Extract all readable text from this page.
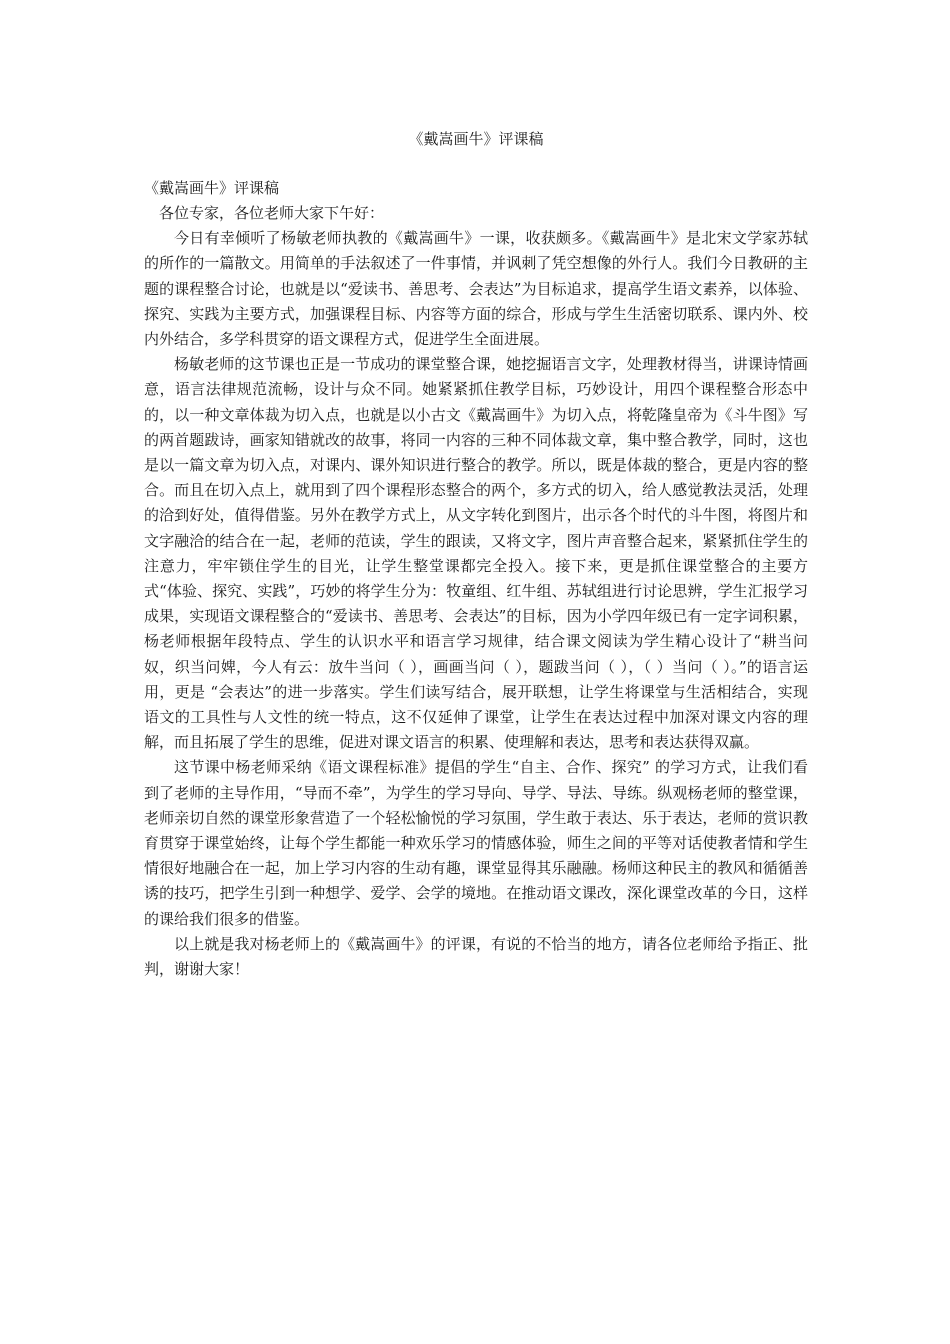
《戴嵩画牛》评课稿

《戴嵩画牛》评课稿

各位专家，各位老师大家下午好：

今日有幸倾听了杨敏老师执教的《戴嵩画牛》一课，收获颇多。《戴嵩画牛》是北宋文学家苏轼的所作的一篇散文。用简单的手法叙述了一件事情，并讽刺了凭空想像的外行人。我们今日教研的主题的课程整合讨论，也就是以“爱读书、善思考、会表达”为目标追求，提高学生语文素养，以体验、探究、实践为主要方式，加强课程目标、内容等方面的综合，形成与学生生活密切联系、课内外、校内外结合，多学科贯穿的语文课程方式，促进学生全面进展。

杨敏老师的这节课也正是一节成功的课堂整合课，她挖掘语言文字，处理教材得当，讲课诗情画意，语言法律规范流畅，设计与众不同。她紧紧抓住教学目标，巧妙设计，用四个课程整合形态中的，以一种文章体裁为切入点，也就是以小古文《戴嵩画牛》为切入点，将乾隆皇帝为《斗牛图》写的两首题跋诗，画家知错就改的故事，将同一内容的三种不同体裁文章，集中整合教学，同时，这也是以一篇文章为切入点，对课内、课外知识进行整合的教学。所以，既是体裁的整合，更是内容的整合。而且在切入点上，就用到了四个课程形态整合的两个，多方式的切入，给人感觉教法灵活，处理的洽到好处，值得借鉴。另外在教学方式上，从文字转化到图片，出示各个时代的斗牛图，将图片和文字融洽的结合在一起，老师的范读，学生的跟读，又将文字，图片声音整合起来，紧紧抓住学生的注意力，牢牢锁住学生的目光，让学生整堂课都完全投入。接下来，更是抓住课堂整合的主要方式“体验、探究、实践”，巧妙的将学生分为：牧童组、红牛组、苏轼组进行讨论思辨，学生汇报学习成果，实现语文课程整合的“爱读书、善思考、会表达”的目标，因为小学四年级已有一定字词积累，杨老师根据年段特点、学生的认识水平和语言学习规律，结合课文阅读为学生精心设计了“耕当问奴，织当问婢，今人有云：放牛当问（ ），画画当问（ ），题跋当问（ ），（ ）当问（ ）。”的语言运用，更是 “会表达”的进一步落实。学生们读写结合，展开联想，让学生将课堂与生活相结合，实现语文的工具性与人文性的统一特点，这不仅延伸了课堂，让学生在表达过程中加深对课文内容的理解，而且拓展了学生的思维，促进对课文语言的积累、使理解和表达，思考和表达获得双赢。

这节课中杨老师采纳《语文课程标准》提倡的学生“自主、合作、探究” 的学习方式，让我们看到了老师的主导作用，“导而不牵”，为学生的学习导向、导学、导法、导练。纵观杨老师的整堂课，老师亲切自然的课堂形象营造了一个轻松愉悦的学习氛围，学生敢于表达、乐于表达，老师的赏识教育贯穿于课堂始终，让每个学生都能一种欢乐学习的情感体验，师生之间的平等对话使教者情和学生情很好地融合在一起，加上学习内容的生动有趣，课堂显得其乐融融。杨师这种民主的教风和循循善诱的技巧，把学生引到一种想学、爱学、会学的境地。在推动语文课改，深化课堂改革的今日，这样的课给我们很多的借鉴。

以上就是我对杨老师上的《戴嵩画牛》的评课，有说的不恰当的地方，请各位老师给予指正、批判，谢谢大家！
